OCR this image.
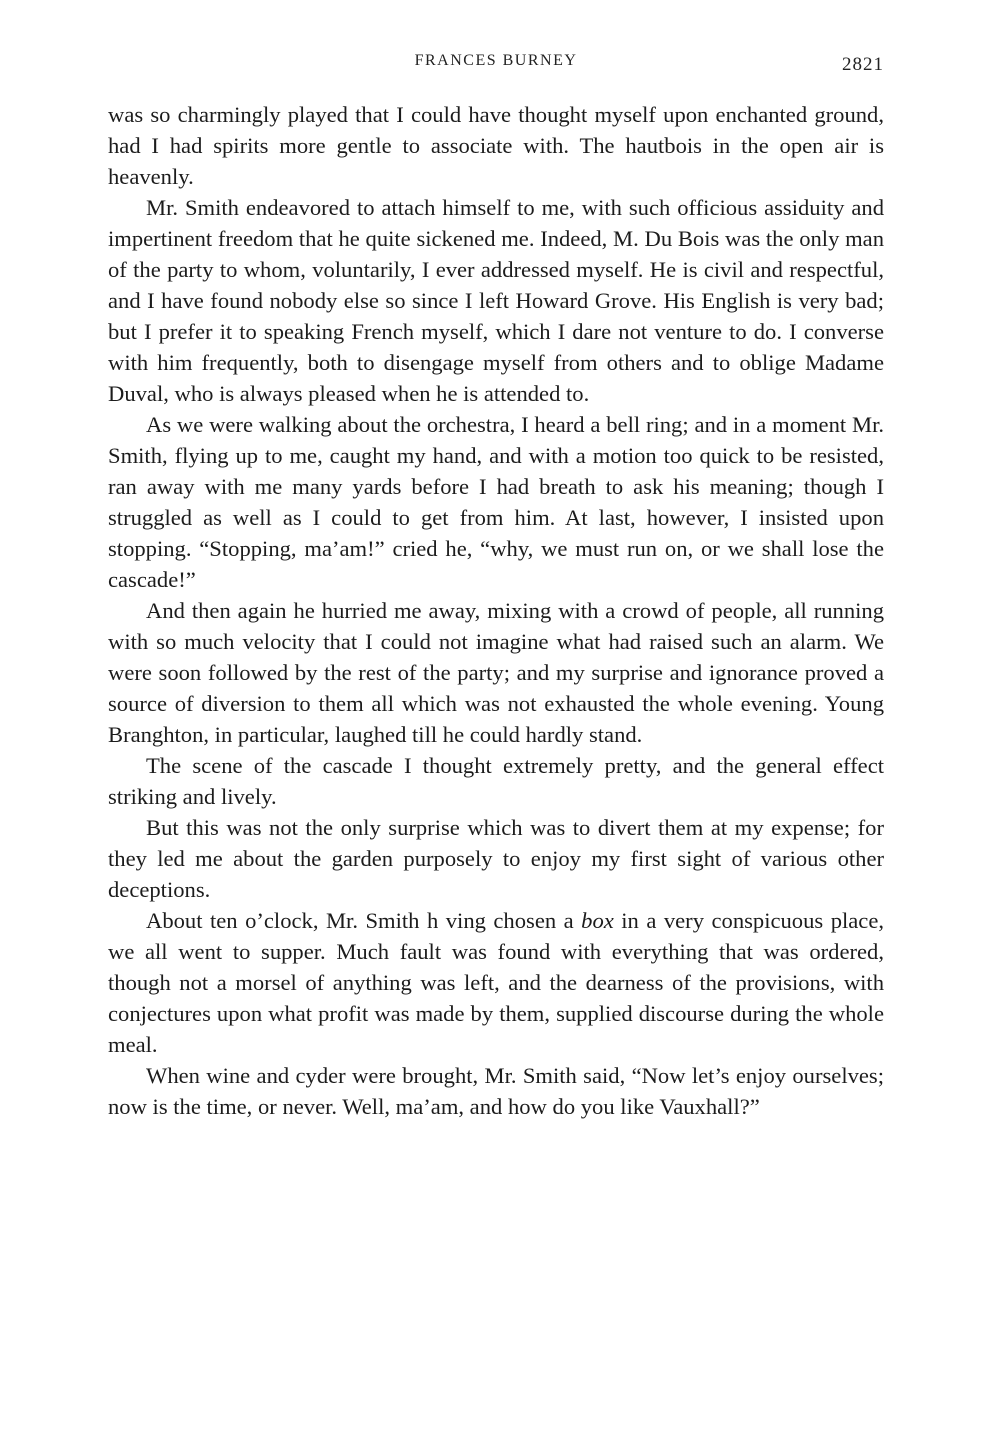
FRANCES BURNEY	2821

was so charmingly played that I could have thought myself upon enchanted ground, had I had spirits more gentle to associate with. The hautbois in the open air is heavenly.

Mr. Smith endeavored to attach himself to me, with such officious assiduity and impertinent freedom that he quite sickened me. Indeed, M. Du Bois was the only man of the party to whom, voluntarily, I ever addressed myself. He is civil and respectful, and I have found nobody else so since I left Howard Grove. His English is very bad; but I prefer it to speaking French myself, which I dare not venture to do. I converse with him frequently, both to disengage myself from others and to oblige Madame Duval, who is always pleased when he is attended to.

As we were walking about the orchestra, I heard a bell ring; and in a moment Mr. Smith, flying up to me, caught my hand, and with a motion too quick to be resisted, ran away with me many yards before I had breath to ask his meaning; though I struggled as well as I could to get from him. At last, however, I insisted upon stopping. “Stopping, ma’am!” cried he, “why, we must run on, or we shall lose the cascade!”

And then again he hurried me away, mixing with a crowd of people, all running with so much velocity that I could not imagine what had raised such an alarm. We were soon followed by the rest of the party; and my surprise and ignorance proved a source of diversion to them all which was not exhausted the whole evening. Young Branghton, in particular, laughed till he could hardly stand.

The scene of the cascade I thought extremely pretty, and the general effect striking and lively.

But this was not the only surprise which was to divert them at my expense; for they led me about the garden purposely to enjoy my first sight of various other deceptions.

About ten o’clock, Mr. Smith h ving chosen a box in a very conspicuous place, we all went to supper. Much fault was found with everything that was ordered, though not a morsel of anything was left, and the dearness of the provisions, with conjectures upon what profit was made by them, supplied discourse during the whole meal.

When wine and cyder were brought, Mr. Smith said, “Now let’s enjoy ourselves; now is the time, or never. Well, ma’am, and how do you like Vauxhall?”
